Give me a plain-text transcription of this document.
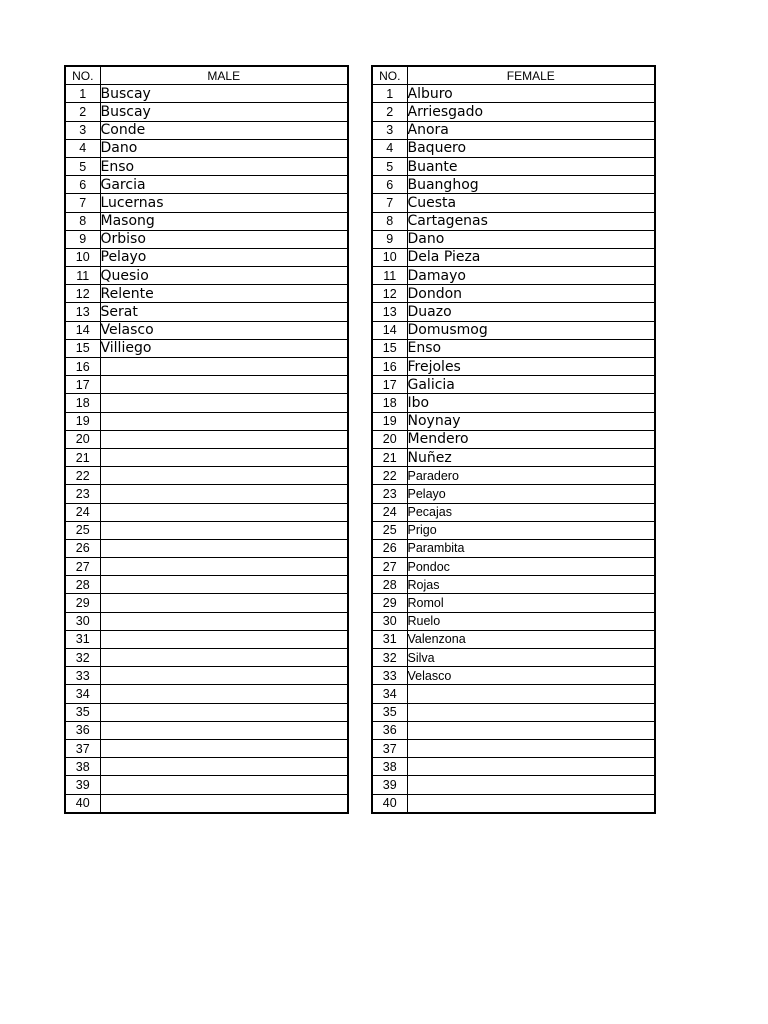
NO.	MALE
1	Buscay
2	Buscay
3	Conde
4	Dano
5	Enso
6	Garcia
7	Lucernas
8	Masong
9	Orbiso
10	Pelayo
11	Quesio
12	Relente
13	Serat
14	Velasco
15	Villiego
16	
17	
18	
19	
20	
21	
22	
23	
24	
25	
26	
27	
28	
29	
30	
31	
32	
33	
34	
35	
36	
37	
38	
39	
40	
NO.	FEMALE
1	Alburo
2	Arriesgado
3	Anora
4	Baquero
5	Buante
6	Buanghog
7	Cuesta
8	Cartagenas
9	Dano
10	Dela Pieza
11	Damayo
12	Dondon
13	Duazo
14	Domusmog
15	Enso
16	Frejoles
17	Galicia
18	Ibo
19	Noynay
20	Mendero
21	Nuñez
22	Paradero
23	Pelayo
24	Pecajas
25	Prigo
26	Parambita
27	Pondoc
28	Rojas
29	Romol
30	Ruelo
31	Valenzona
32	Silva
33	Velasco
34	
35	
36	
37	
38	
39	
40	
